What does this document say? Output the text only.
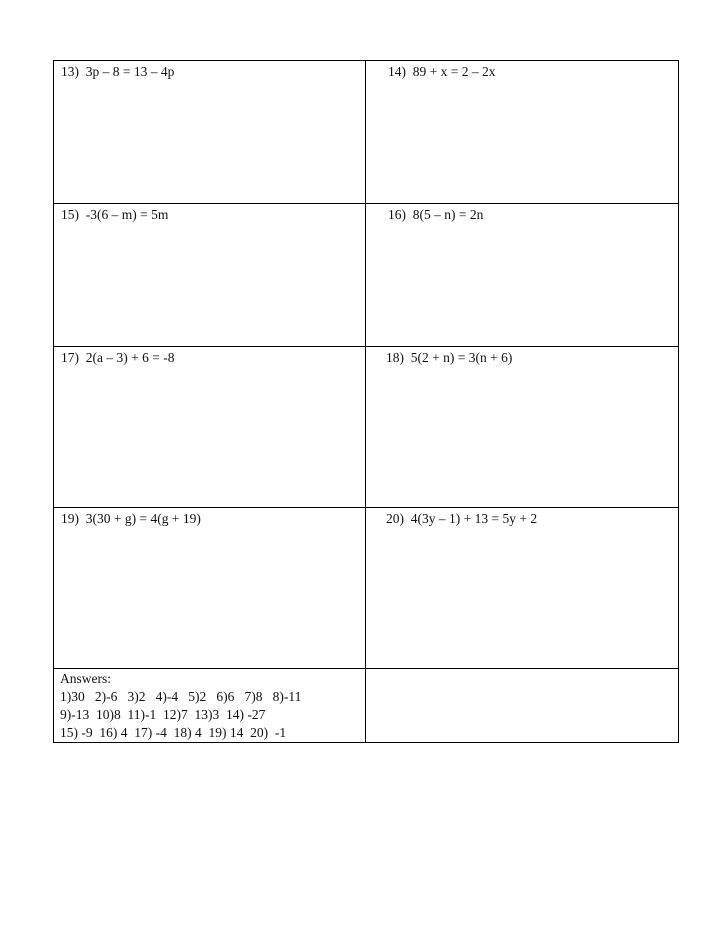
13)  3p – 8 = 13 – 4p	14)  89 + x = 2 – 2x

15)  -3(6 – m) = 5m	16)  8(5 – n) = 2n

17)  2(a – 3) + 6 = -8	18)  5(2 + n) = 3(n + 6)

19)  3(30 + g) = 4(g + 19)	20)  4(3y – 1) + 13 = 5y + 2

Answers:
1)30   2)-6   3)2   4)-4   5)2   6)6   7)8   8)-11
9)-13  10)8  11)-1  12)7  13)3  14) -27
15) -9  16) 4  17) -4  18) 4  19) 14  20)  -1	
